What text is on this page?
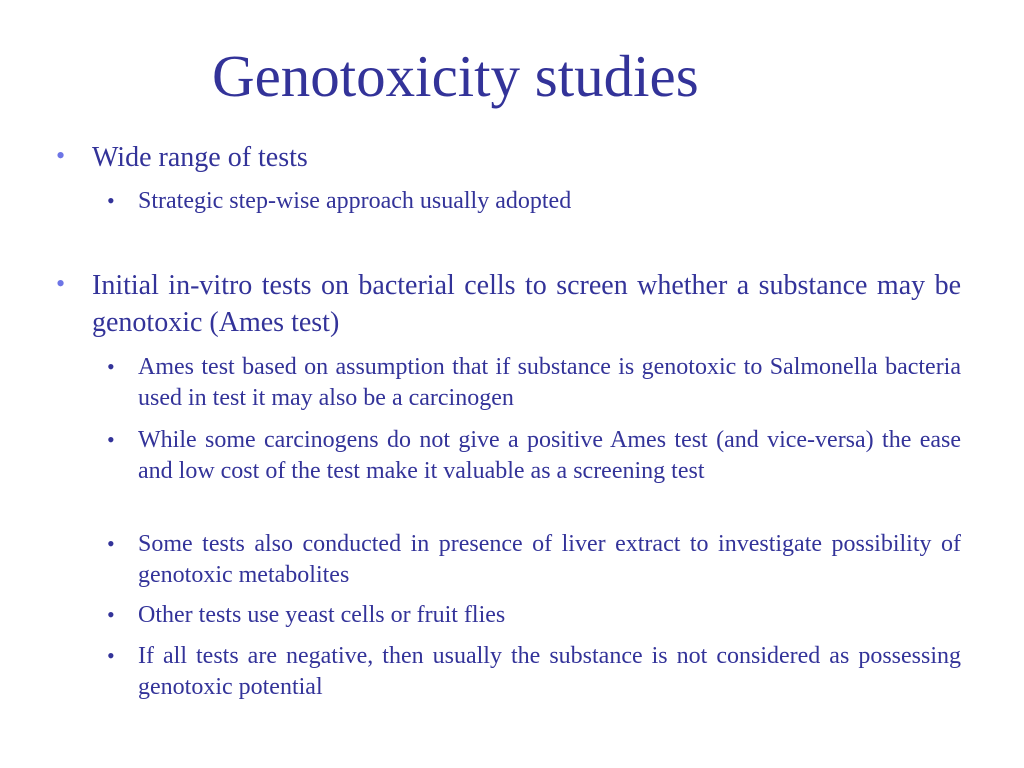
Genotoxicity studies
• Wide range of tests
• Strategic step-wise approach usually adopted
• Initial in-vitro tests on bacterial cells to screen whether a substance may be genotoxic (Ames test)
• Ames test based on assumption that if substance is genotoxic to Salmonella bacteria used in test it may also be a carcinogen
• While some carcinogens do not give a positive Ames test (and vice-versa) the ease and low cost of the test make it valuable as a screening test
• Some tests also conducted in presence of liver extract to investigate possibility of genotoxic metabolites
• Other tests use yeast cells or fruit flies
• If all tests are negative, then usually the substance is not considered as possessing genotoxic potential
